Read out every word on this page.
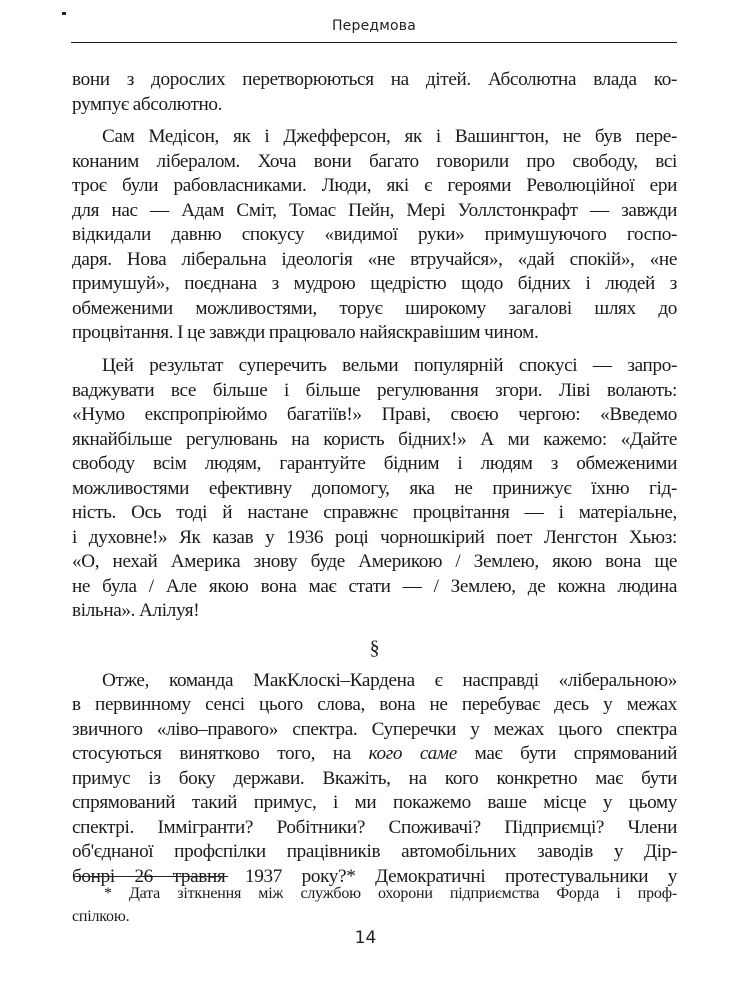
Передмова

вони з дорослих перетворюються на дітей. Абсолютна влада ко-
румпує абсолютно.

Сам Медісон, як і Джефферсон, як і Вашингтон, не був пере-
конаним лібералом. Хоча вони багато говорили про свободу, всі
троє були рабовласниками. Люди, які є героями Революційної ери
для нас — Адам Сміт, Томас Пейн, Мері Уоллстонкрафт — завжди
відкидали давню спокусу «видимої руки» примушуючого госпо-
даря. Нова ліберальна ідеологія «не втручайся», «дай спокій», «не
примушуй», поєднана з мудрою щедрістю щодо бідних і людей з
обмеженими можливостями, торує широкому загалові шлях до
процвітання. І це завжди працювало найяскравішим чином.

Цей результат суперечить вельми популярній спокусі — запро-
ваджувати все більше і більше регулювання згори. Ліві волають:
«Нумо експропріюймо багатіїв!» Праві, своєю чергою: «Введемо
якнайбільше регулювань на користь бідних!» А ми кажемо: «Дайте
свободу всім людям, гарантуйте бідним і людям з обмеженими
можливостями ефективну допомогу, яка не принижує їхню гід-
ність. Ось тоді й настане справжнє процвітання — і матеріальне,
і духовне!» Як казав у 1936 році чорношкірий поет Ленгстон Хьюз:
«О, нехай Америка знову буде Америкою / Землею, якою вона ще
не була / Але якою вона має стати — / Землею, де кожна людина
вільна». Алілуя!

§

Отже, команда МакКлоскі–Кардена є насправді «ліберальною»
в первинному сенсі цього слова, вона не перебуває десь у межах
звичного «ліво–правого» спектра. Суперечки у межах цього спектра
стосуються винятково того, на кого саме має бути спрямований
примус із боку держави. Вкажіть, на кого конкретно має бути
спрямований такий примус, і ми покажемо ваше місце у цьому
спектрі. Іммігранти? Робітники? Споживачі? Підприємці? Члени
об'єднаної профспілки працівників автомобільних заводів у Дір-
бонрі 26 травня 1937 року?* Демократичні протестувальники у

* Дата зіткнення між службою охорони підприємства Форда і проф-
спілкою.
14
